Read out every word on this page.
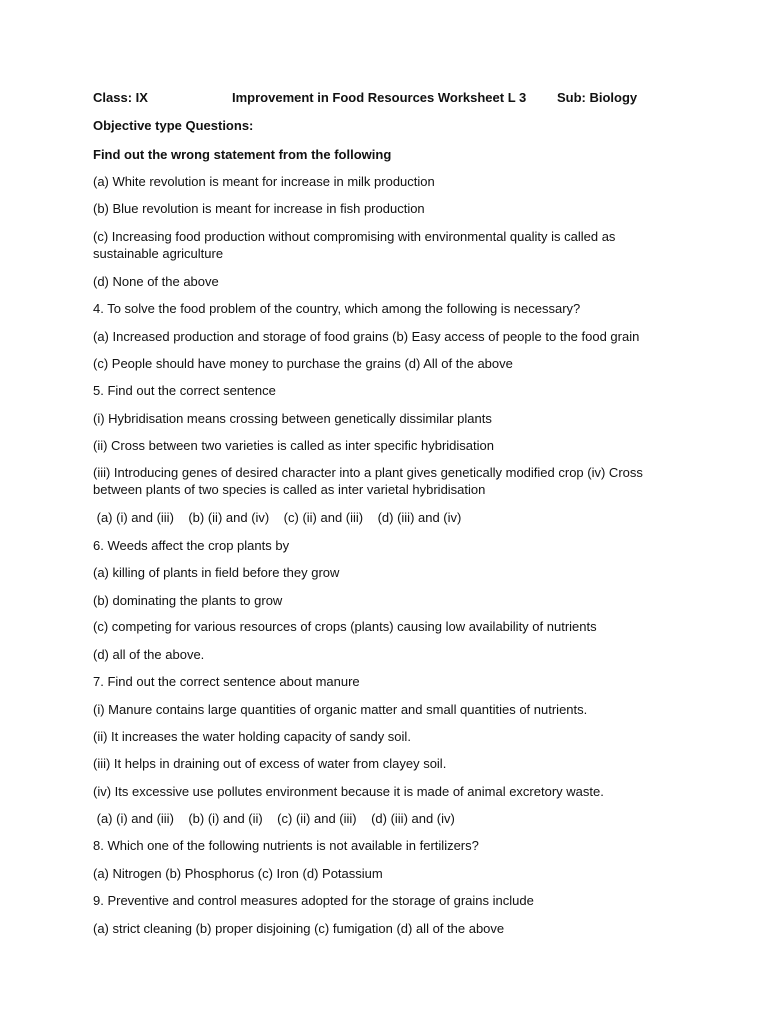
Class: IX	Improvement in Food Resources Worksheet L 3 Sub: Biology

Objective type Questions:

Find out the wrong statement from the following

(a) White revolution is meant for increase in milk production

(b) Blue revolution is meant for increase in fish production

(c) Increasing food production without compromising with environmental quality is called as sustainable agriculture

(d) None of the above

4. To solve the food problem of the country, which among the following is necessary?

(a) Increased production and storage of food grains (b) Easy access of people to the food grain

(c) People should have money to purchase the grains (d) All of the above

5. Find out the correct sentence

(i) Hybridisation means crossing between genetically dissimilar plants

(ii) Cross between two varieties is called as inter specific hybridisation

(iii) Introducing genes of desired character into a plant gives genetically modified crop (iv) Cross between plants of two species is called as inter varietal hybridisation

(a) (i) and (iii)    (b) (ii) and (iv)    (c) (ii) and (iii)    (d) (iii) and (iv)

6. Weeds affect the crop plants by

(a) killing of plants in field before they grow

(b) dominating the plants to grow

(c) competing for various resources of crops (plants) causing low availability of nutrients

(d) all of the above.

7. Find out the correct sentence about manure

(i) Manure contains large quantities of organic matter and small quantities of nutrients.

(ii) It increases the water holding capacity of sandy soil.

(iii) It helps in draining out of excess of water from clayey soil.

(iv) Its excessive use pollutes environment because it is made of animal excretory waste.

(a) (i) and (iii)    (b) (i) and (ii)    (c) (ii) and (iii)    (d) (iii) and (iv)

8. Which one of the following nutrients is not available in fertilizers?

(a) Nitrogen (b) Phosphorus (c) Iron (d) Potassium

9. Preventive and control measures adopted for the storage of grains include

(a) strict cleaning (b) proper disjoining (c) fumigation (d) all of the above
